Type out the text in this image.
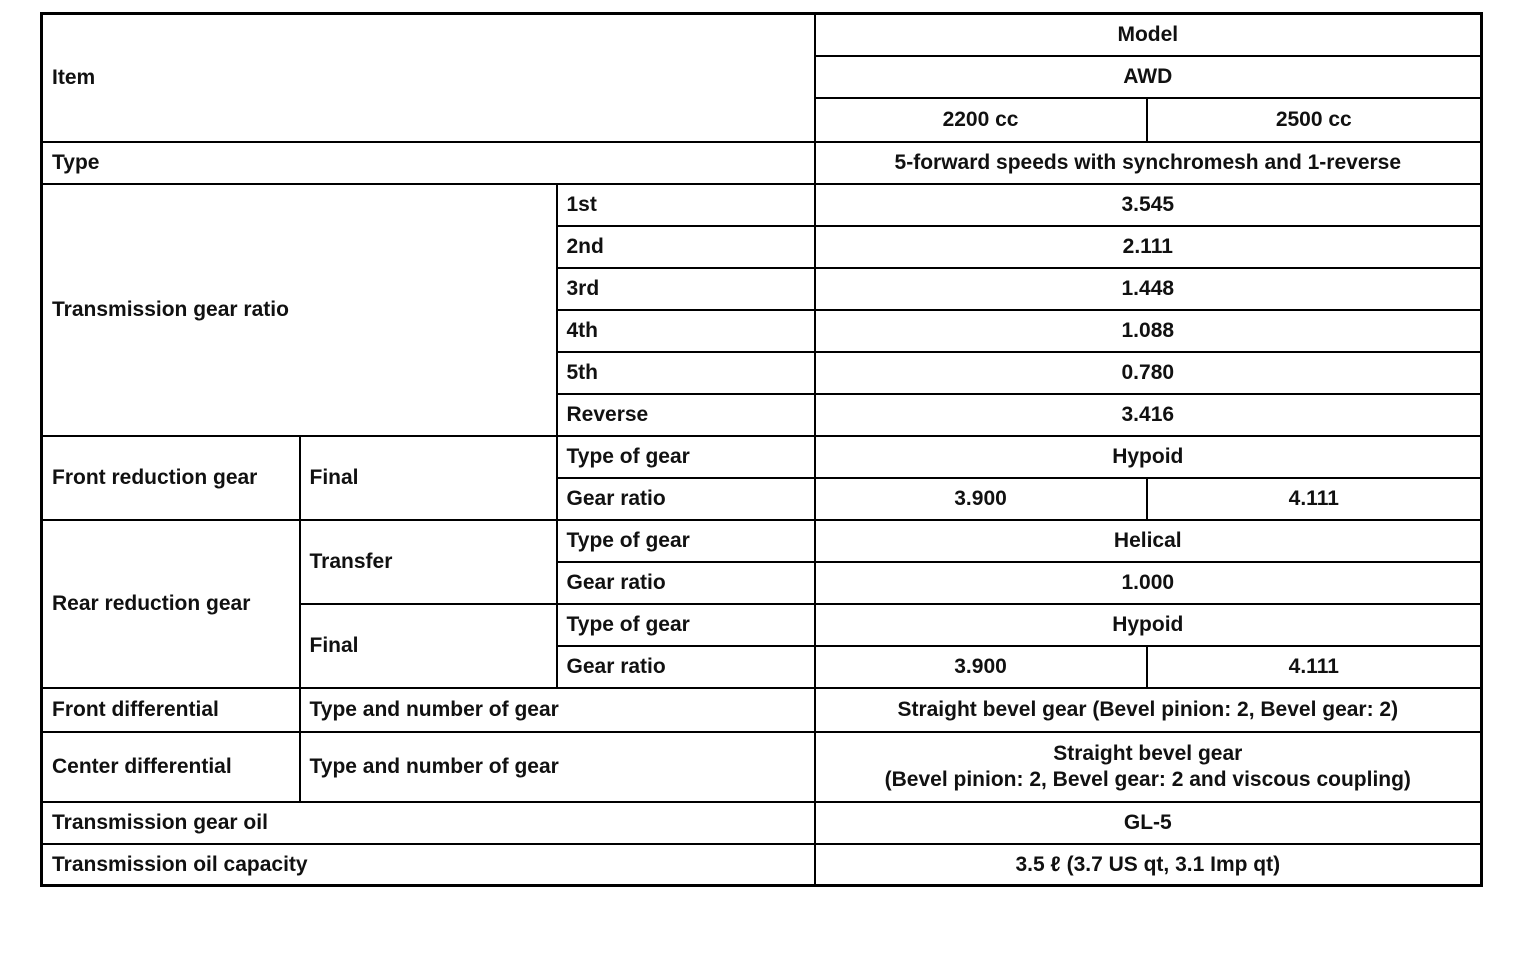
Item			Model	
			AWD	
			2200 cc	2500 cc
Type			5-forward speeds with synchromesh and 1-reverse	
Transmission gear ratio		1st	3.545	
		2nd	2.111	
		3rd	1.448	
		4th	1.088	
		5th	0.780	
		Reverse	3.416	
Front reduction gear	Final	Type of gear	Hypoid	
		Gear ratio	3.900	4.111
Rear reduction gear	Transfer	Type of gear	Helical	
		Gear ratio	1.000	
	Final	Type of gear	Hypoid	
		Gear ratio	3.900	4.111
Front differential	Type and number of gear		Straight bevel gear (Bevel pinion: 2, Bevel gear: 2)	
Center differential	Type and number of gear		Straight bevel gear
(Bevel pinion: 2, Bevel gear: 2 and viscous coupling)	

Transmission gear oil			GL-5	
Transmission oil capacity			3.5 ℓ (3.7 US qt, 3.1 Imp qt)	
